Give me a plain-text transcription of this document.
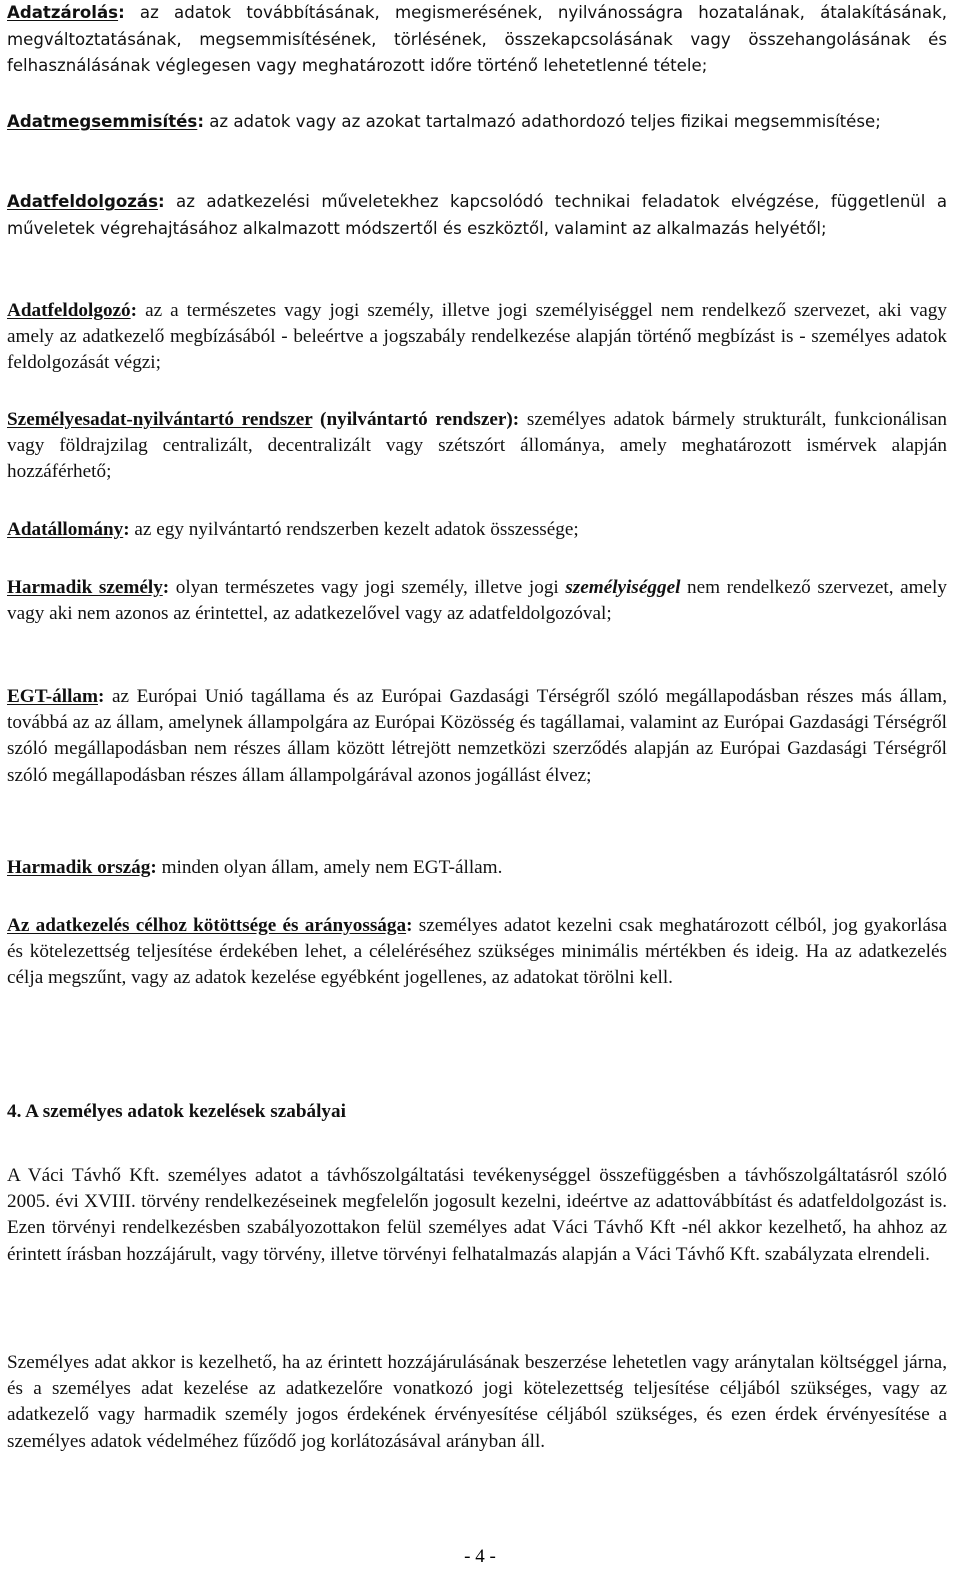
Adatzárolás: az adatok továbbításának, megismerésének, nyilvánosságra hozatalának, átalakításának, megváltoztatásának, megsemmisítésének, törlésének, összekapcsolásának vagy összehangolásának és felhasználásának véglegesen vagy meghatározott időre történő lehetetlenné tétele;

Adatmegsemmisítés: az adatok vagy az azokat tartalmazó adathordozó teljes fizikai megsemmisítése;

Adatfeldolgozás: az adatkezelési műveletekhez kapcsolódó technikai feladatok elvégzése, függetlenül a műveletek végrehajtásához alkalmazott módszertől és eszköztől, valamint az alkalmazás helyétől;

Adatfeldolgozó: az a természetes vagy jogi személy, illetve jogi személyiséggel nem rendelkező szervezet, aki vagy amely az adatkezelő megbízásából - beleértve a jogszabály rendelkezése alapján történő megbízást is - személyes adatok feldolgozását végzi;

Személyesadat-nyilvántartó rendszer (nyilvántartó rendszer): személyes adatok bármely strukturált, funkcionálisan vagy földrajzilag centralizált, decentralizált vagy szétszórt állománya, amely meghatározott ismérvek alapján hozzáférhető;

Adatállomány: az egy nyilvántartó rendszerben kezelt adatok összessége;

Harmadik személy: olyan természetes vagy jogi személy, illetve jogi személyiséggel nem rendelkező szervezet, amely vagy aki nem azonos az érintettel, az adatkezelővel vagy az adatfeldolgozóval;

EGT-állam: az Európai Unió tagállama és az Európai Gazdasági Térségről szóló megállapodásban részes más állam, továbbá az az állam, amelynek állampolgára az Európai Közösség és tagállamai, valamint az Európai Gazdasági Térségről szóló megállapodásban nem részes állam között létrejött nemzetközi szerződés alapján az Európai Gazdasági Térségről szóló megállapodásban részes állam állampolgárával azonos jogállást élvez;

Harmadik ország: minden olyan állam, amely nem EGT-állam.

Az adatkezelés célhoz kötöttsége és arányossága: személyes adatot kezelni csak meghatározott célból, jog gyakorlása és kötelezettség teljesítése érdekében lehet, a céleléréséhez szükséges minimális mértékben és ideig. Ha az adatkezelés célja megszűnt, vagy az adatok kezelése egyébként jogellenes, az adatokat törölni kell.

4. A személyes adatok kezelések szabályai

A Váci Távhő Kft. személyes adatot a távhőszolgáltatási tevékenységgel összefüggésben a távhőszolgáltatásról szóló 2005. évi XVIII. törvény rendelkezéseinek megfelelőn jogosult kezelni, ideértve az adattovábbítást és adatfeldolgozást is. Ezen törvényi rendelkezésben szabályozottakon felül személyes adat Váci Távhő Kft -nél akkor kezelhető, ha ahhoz az érintett írásban hozzájárult, vagy törvény, illetve törvényi felhatalmazás alapján a Váci Távhő Kft. szabályzata elrendeli.

Személyes adat akkor is kezelhető, ha az érintett hozzájárulásának beszerzése lehetetlen vagy aránytalan költséggel járna, és a személyes adat kezelése az adatkezelőre vonatkozó jogi kötelezettség teljesítése céljából szükséges, vagy az adatkezelő vagy harmadik személy jogos érdekének érvényesítése céljából szükséges, és ezen érdek érvényesítése a személyes adatok védelméhez fűződő jog korlátozásával arányban áll.

- 4 -
